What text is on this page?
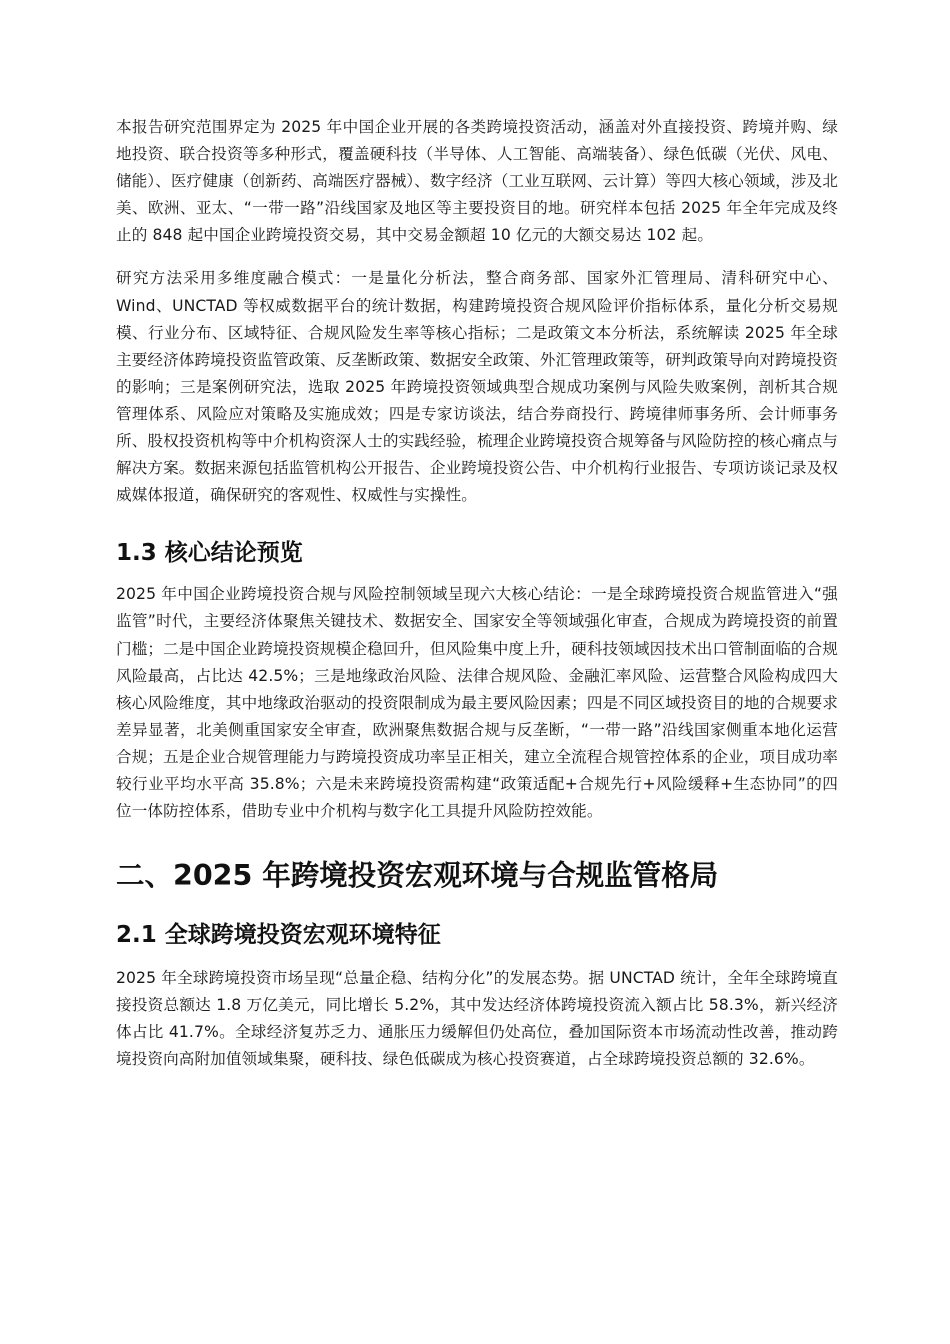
本报告研究范围界定为 2025 年中国企业开展的各类跨境投资活动，涵盖对外直接投资、跨境并购、绿地投资、联合投资等多种形式，覆盖硬科技（半导体、人工智能、高端装备）、绿色低碳（光伏、风电、储能）、医疗健康（创新药、高端医疗器械）、数字经济（工业互联网、云计算）等四大核心领域，涉及北美、欧洲、亚太、“一带一路”沿线国家及地区等主要投资目的地。研究样本包括 2025 年全年完成及终止的 848 起中国企业跨境投资交易，其中交易金额超 10 亿元的大额交易达 102 起。

研究方法采用多维度融合模式：一是量化分析法，整合商务部、国家外汇管理局、清科研究中心、Wind、UNCTAD 等权威数据平台的统计数据，构建跨境投资合规风险评价指标体系，量化分析交易规模、行业分布、区域特征、合规风险发生率等核心指标；二是政策文本分析法，系统解读 2025 年全球主要经济体跨境投资监管政策、反垄断政策、数据安全政策、外汇管理政策等，研判政策导向对跨境投资的影响；三是案例研究法，选取 2025 年跨境投资领域典型合规成功案例与风险失败案例，剖析其合规管理体系、风险应对策略及实施成效；四是专家访谈法，结合券商投行、跨境律师事务所、会计师事务所、股权投资机构等中介机构资深人士的实践经验，梳理企业跨境投资合规筹备与风险防控的核心痛点与解决方案。数据来源包括监管机构公开报告、企业跨境投资公告、中介机构行业报告、专项访谈记录及权威媒体报道，确保研究的客观性、权威性与实操性。

1.3 核心结论预览

2025 年中国企业跨境投资合规与风险控制领域呈现六大核心结论：一是全球跨境投资合规监管进入“强监管”时代，主要经济体聚焦关键技术、数据安全、国家安全等领域强化审查，合规成为跨境投资的前置门槛；二是中国企业跨境投资规模企稳回升，但风险集中度上升，硬科技领域因技术出口管制面临的合规风险最高，占比达 42.5%；三是地缘政治风险、法律合规风险、金融汇率风险、运营整合风险构成四大核心风险维度，其中地缘政治驱动的投资限制成为最主要风险因素；四是不同区域投资目的地的合规要求差异显著，北美侧重国家安全审查，欧洲聚焦数据合规与反垄断，“一带一路”沿线国家侧重本地化运营合规；五是企业合规管理能力与跨境投资成功率呈正相关，建立全流程合规管控体系的企业，项目成功率较行业平均水平高 35.8%；六是未来跨境投资需构建“政策适配+合规先行+风险缓释+生态协同”的四位一体防控体系，借助专业中介机构与数字化工具提升风险防控效能。

二、2025 年跨境投资宏观环境与合规监管格局
2.1 全球跨境投资宏观环境特征

2025 年全球跨境投资市场呈现“总量企稳、结构分化”的发展态势。据 UNCTAD 统计，全年全球跨境直接投资总额达 1.8 万亿美元，同比增长 5.2%，其中发达经济体跨境投资流入额占比 58.3%，新兴经济体占比 41.7%。全球经济复苏乏力、通胀压力缓解但仍处高位，叠加国际资本市场流动性改善，推动跨境投资向高附加值领域集聚，硬科技、绿色低碳成为核心投资赛道，占全球跨境投资总额的 32.6%。
